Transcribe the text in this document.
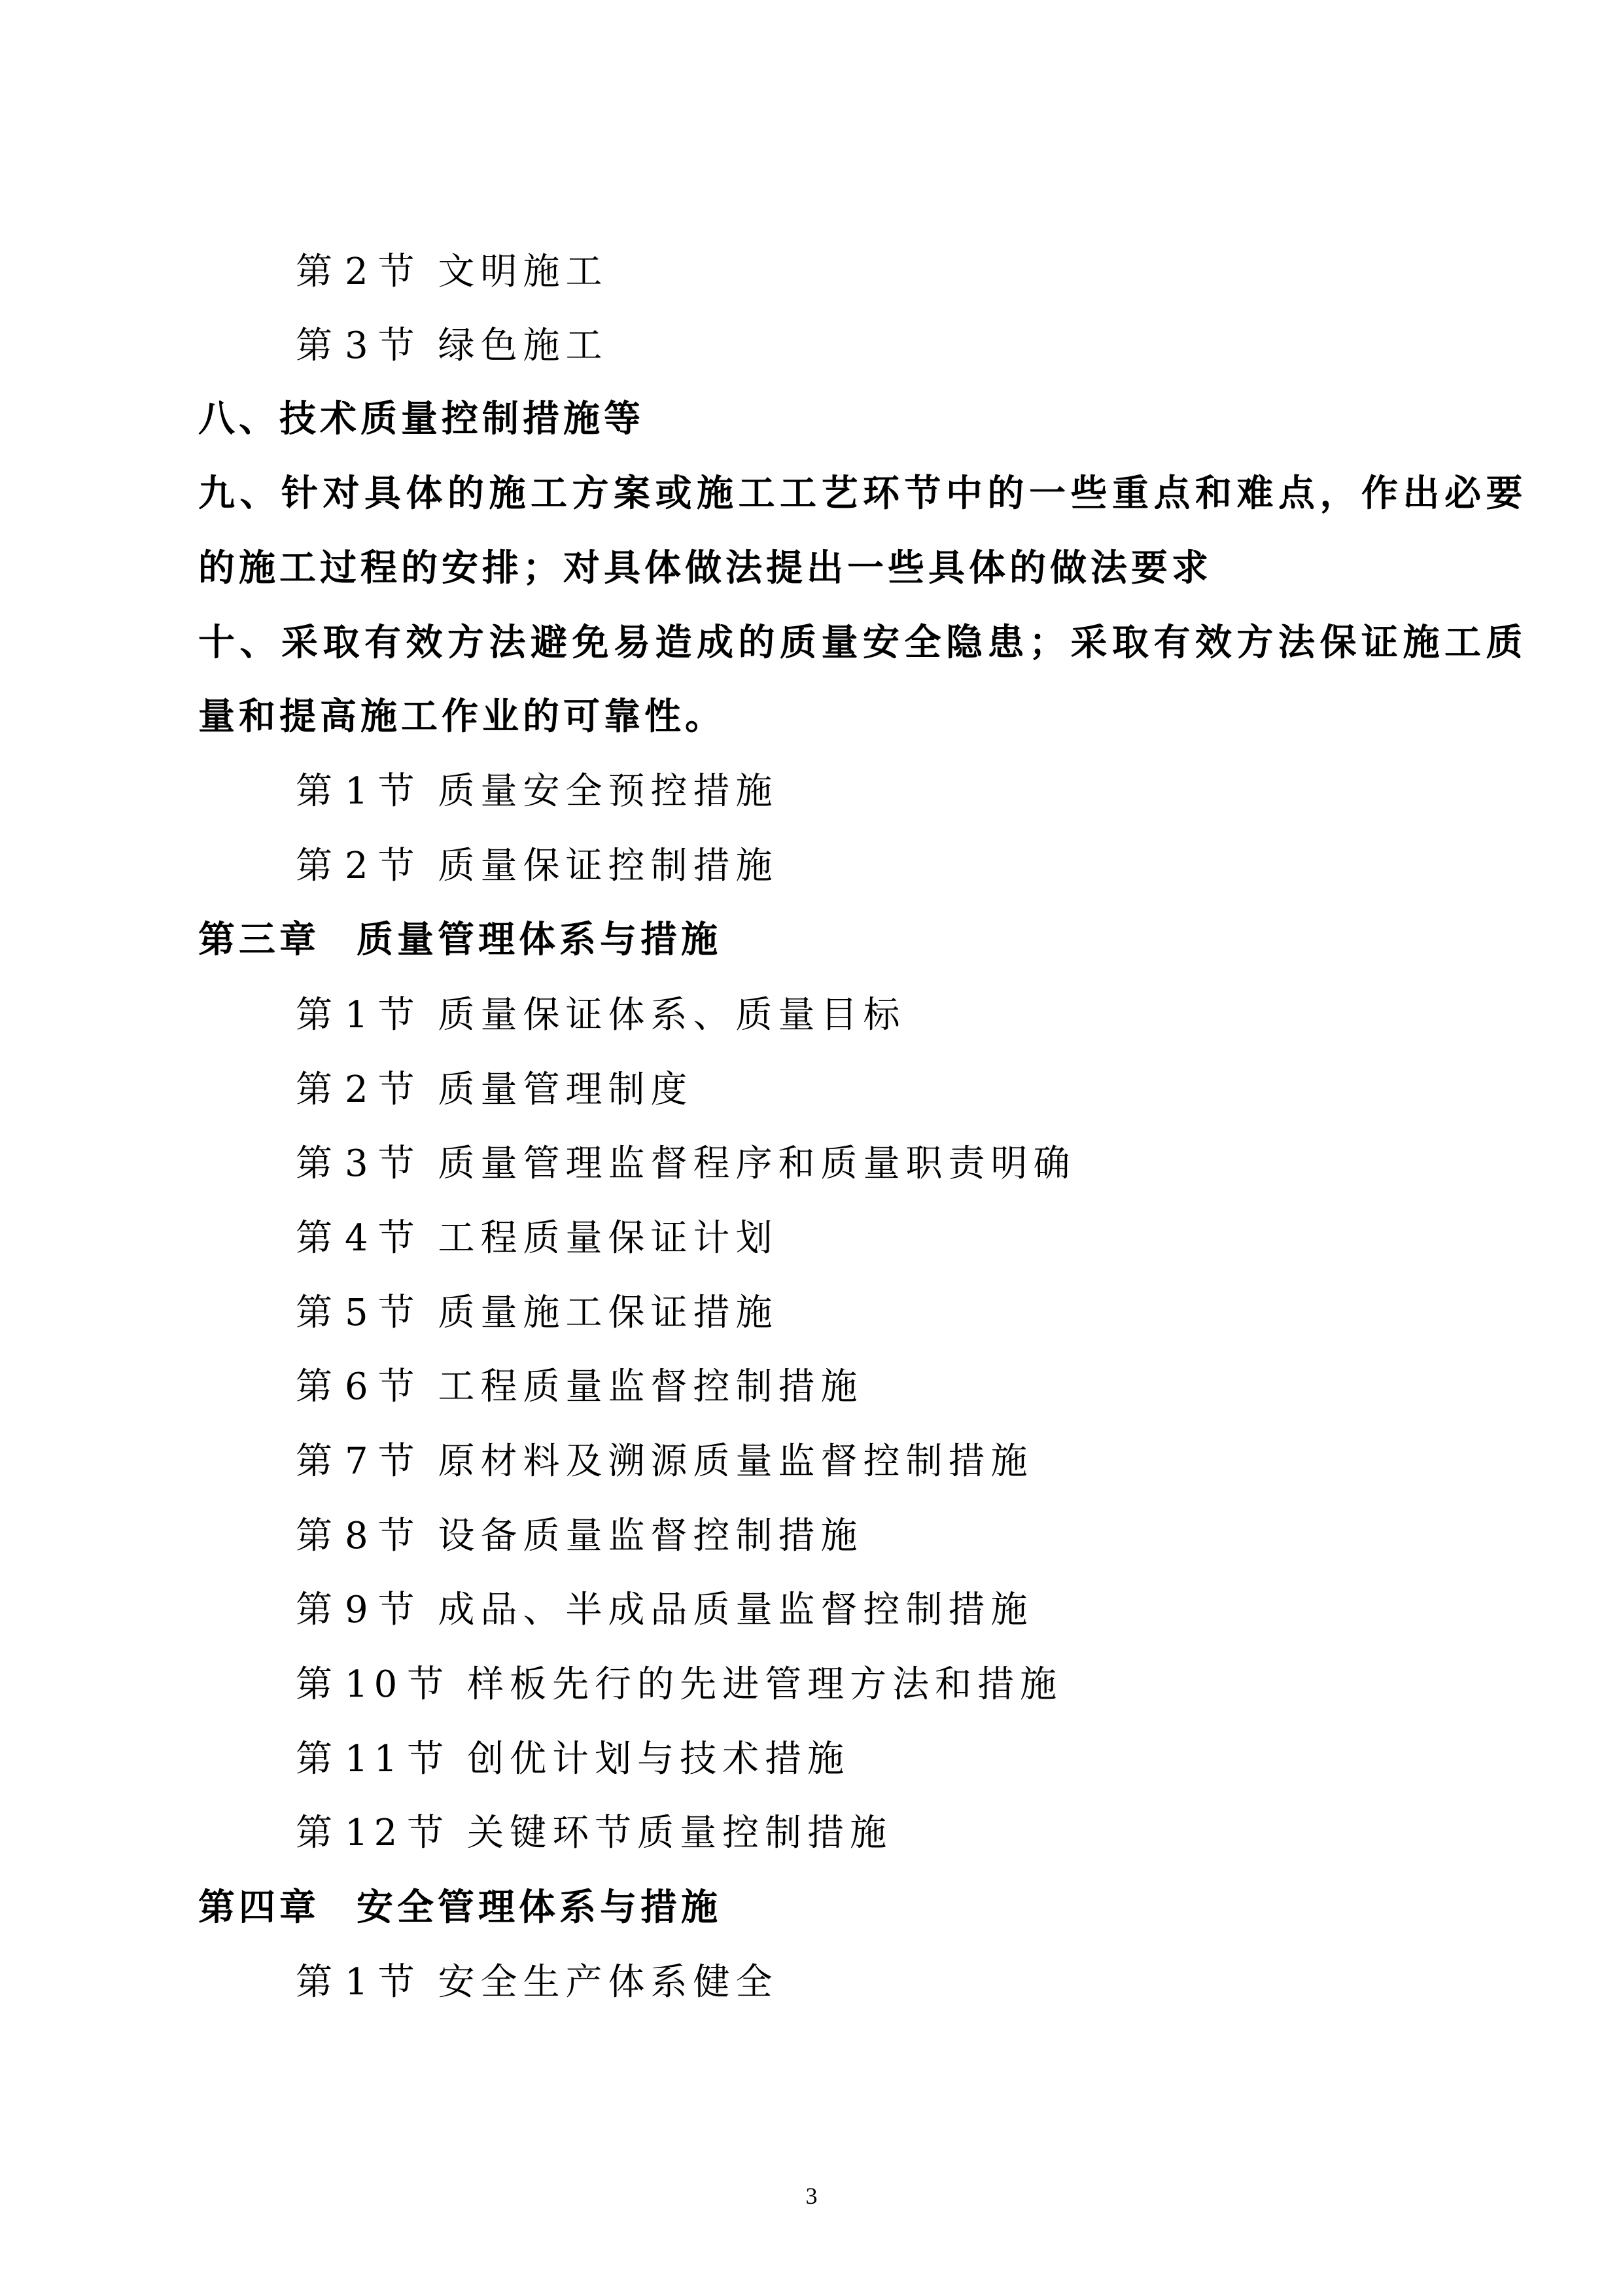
第 2 节 文明施工
第 3 节 绿色施工
八、技术质量控制措施等
九、针对具体的施工方案或施工工艺环节中的一些重点和难点，作出必要
的施工过程的安排；对具体做法提出一些具体的做法要求
十、采取有效方法避免易造成的质量安全隐患；采取有效方法保证施工质
量和提高施工作业的可靠性。
第 1 节 质量安全预控措施
第 2 节 质量保证控制措施
第三章 质量管理体系与措施
第 1 节 质量保证体系、质量目标
第 2 节 质量管理制度
第 3 节 质量管理监督程序和质量职责明确
第 4 节 工程质量保证计划
第 5 节 质量施工保证措施
第 6 节 工程质量监督控制措施
第 7 节 原材料及溯源质量监督控制措施
第 8 节 设备质量监督控制措施
第 9 节 成品、半成品质量监督控制措施
第 10 节 样板先行的先进管理方法和措施
第 11 节 创优计划与技术措施
第 12 节 关键环节质量控制措施
第四章 安全管理体系与措施
第 1 节 安全生产体系健全
3
